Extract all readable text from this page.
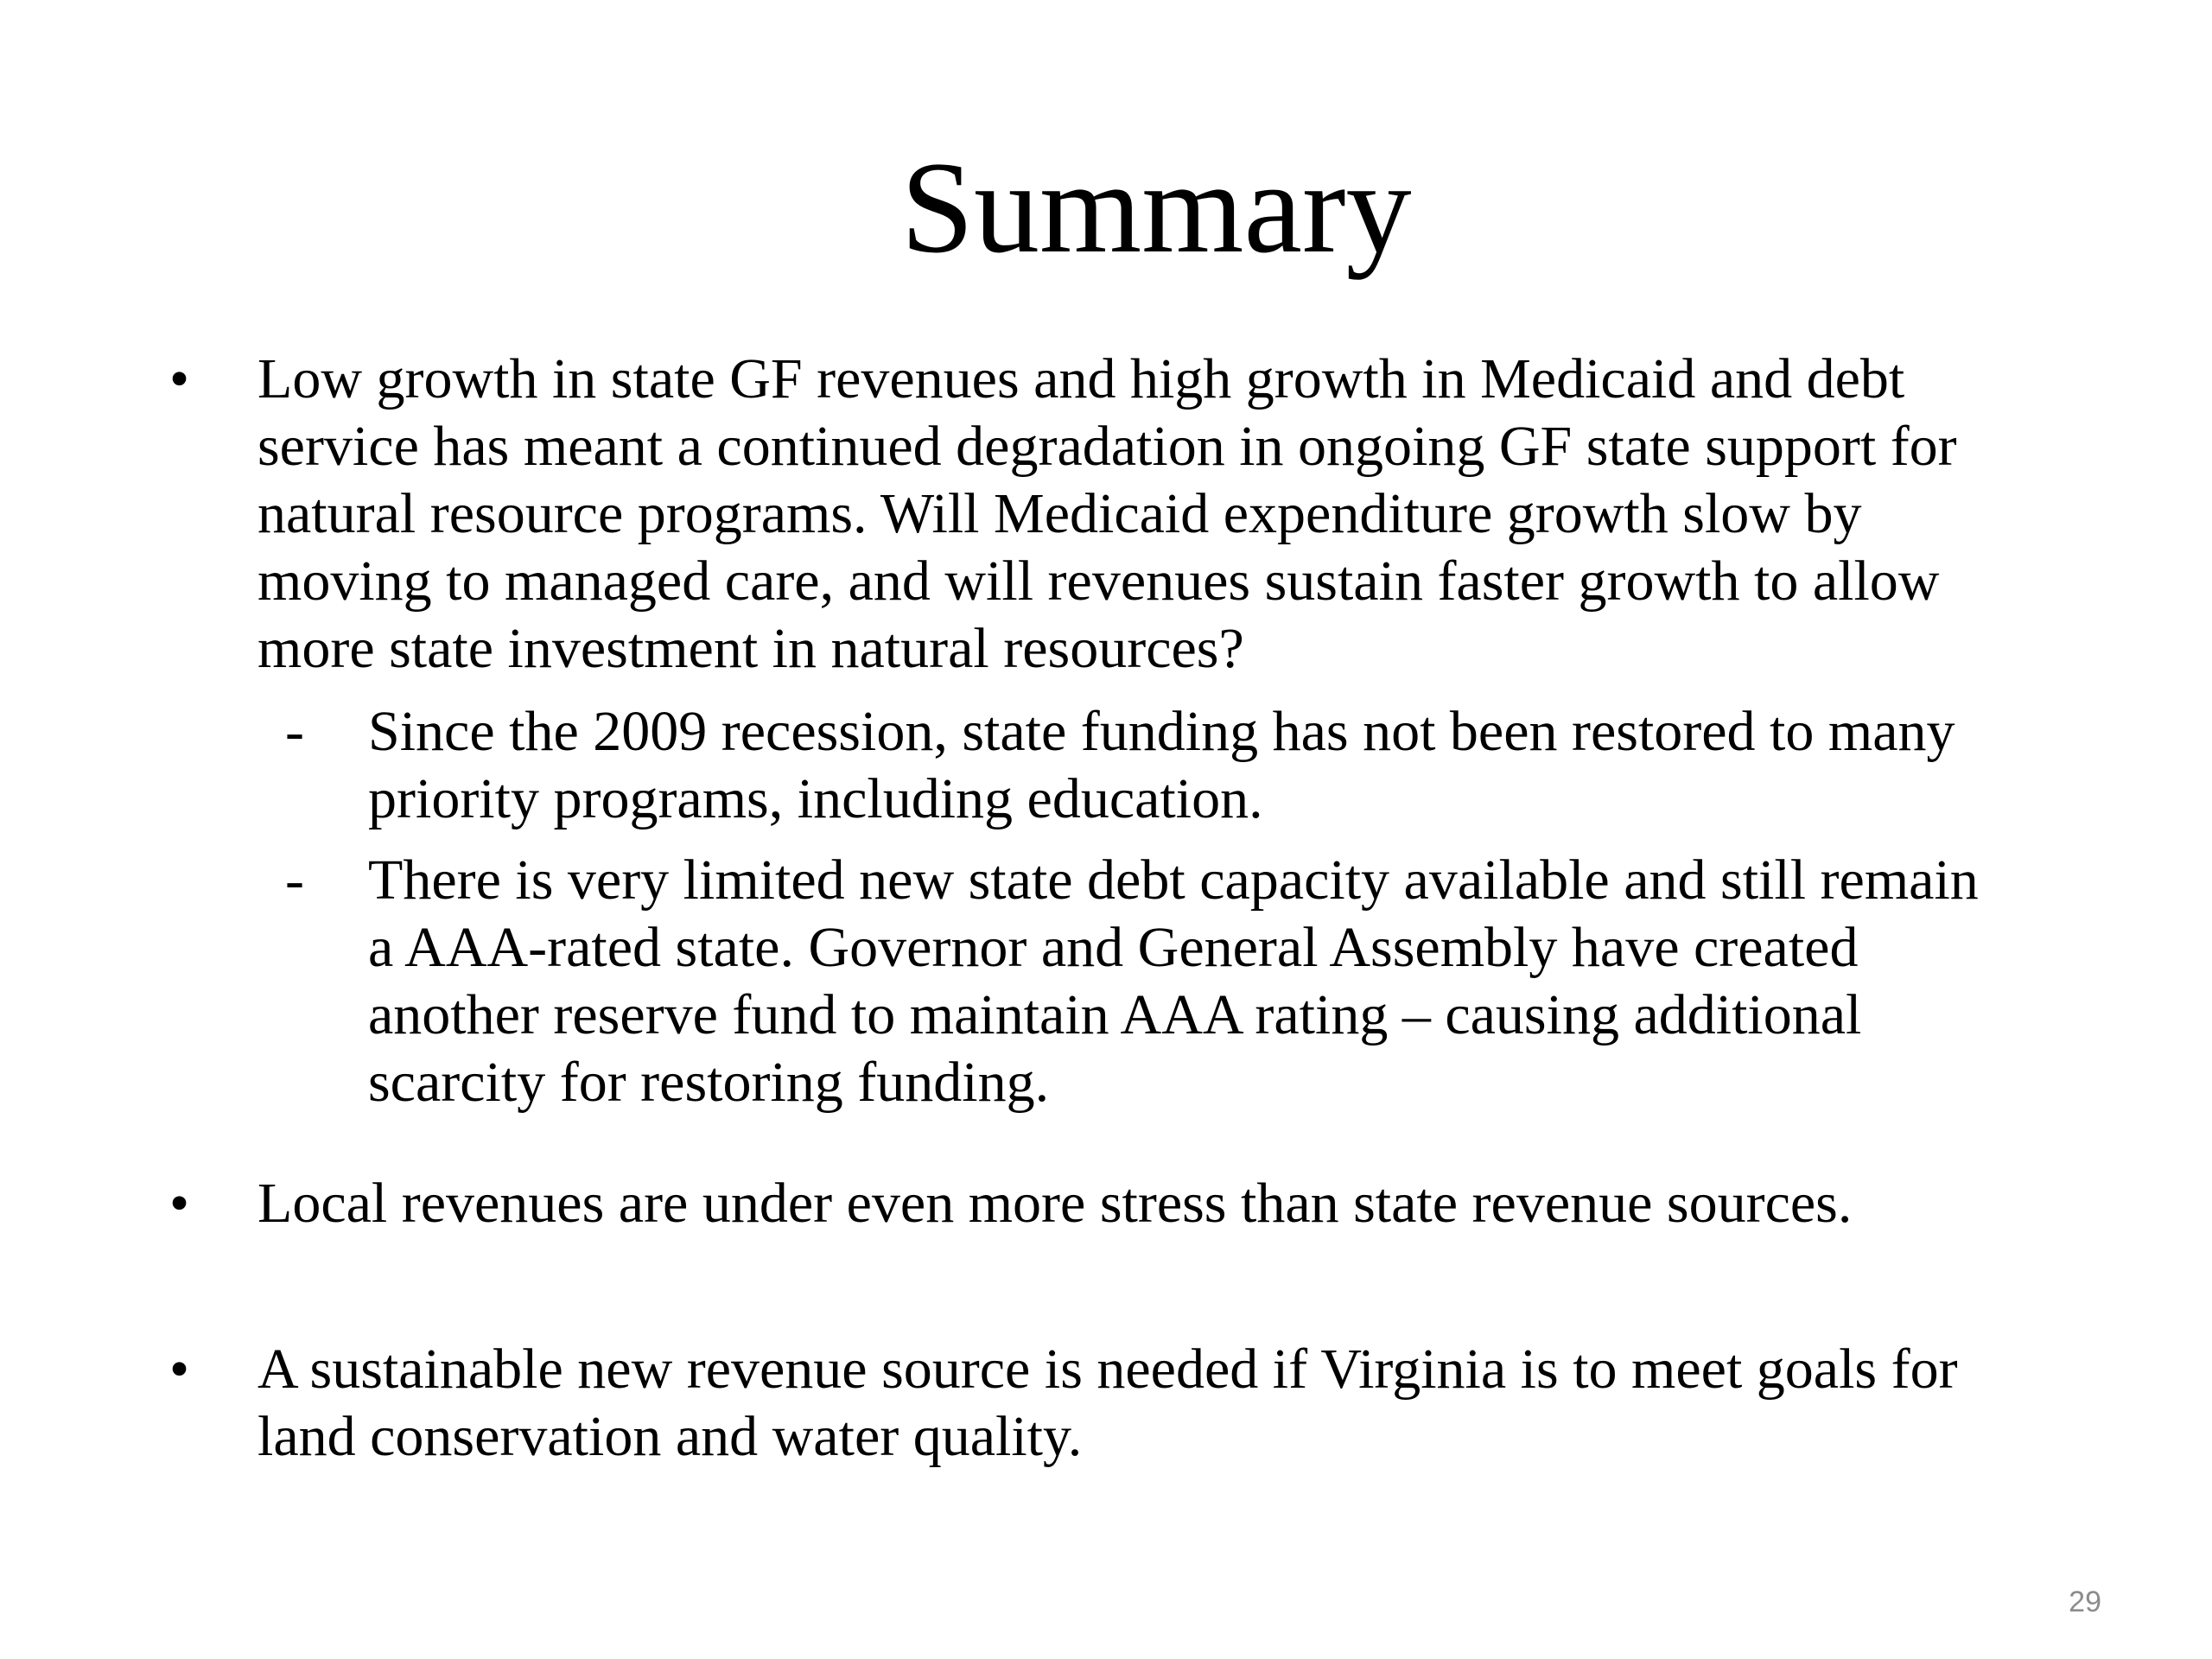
Summary
• Low growth in state GF revenues and high growth in Medicaid and debt
service has meant a continued degradation in ongoing GF state support for
natural resource programs. Will Medicaid expenditure growth slow by
moving to managed care, and will revenues sustain faster growth to allow
more state investment in natural resources?
- Since the 2009 recession, state funding has not been restored to many
priority programs, including education.
- There is very limited new state debt capacity available and still remain
a AAA-rated state. Governor and General Assembly have created
another reserve fund to maintain AAA rating – causing additional
scarcity for restoring funding.
• Local revenues are under even more stress than state revenue sources.
• A sustainable new revenue source is needed if Virginia is to meet goals for
land conservation and water quality.
29
